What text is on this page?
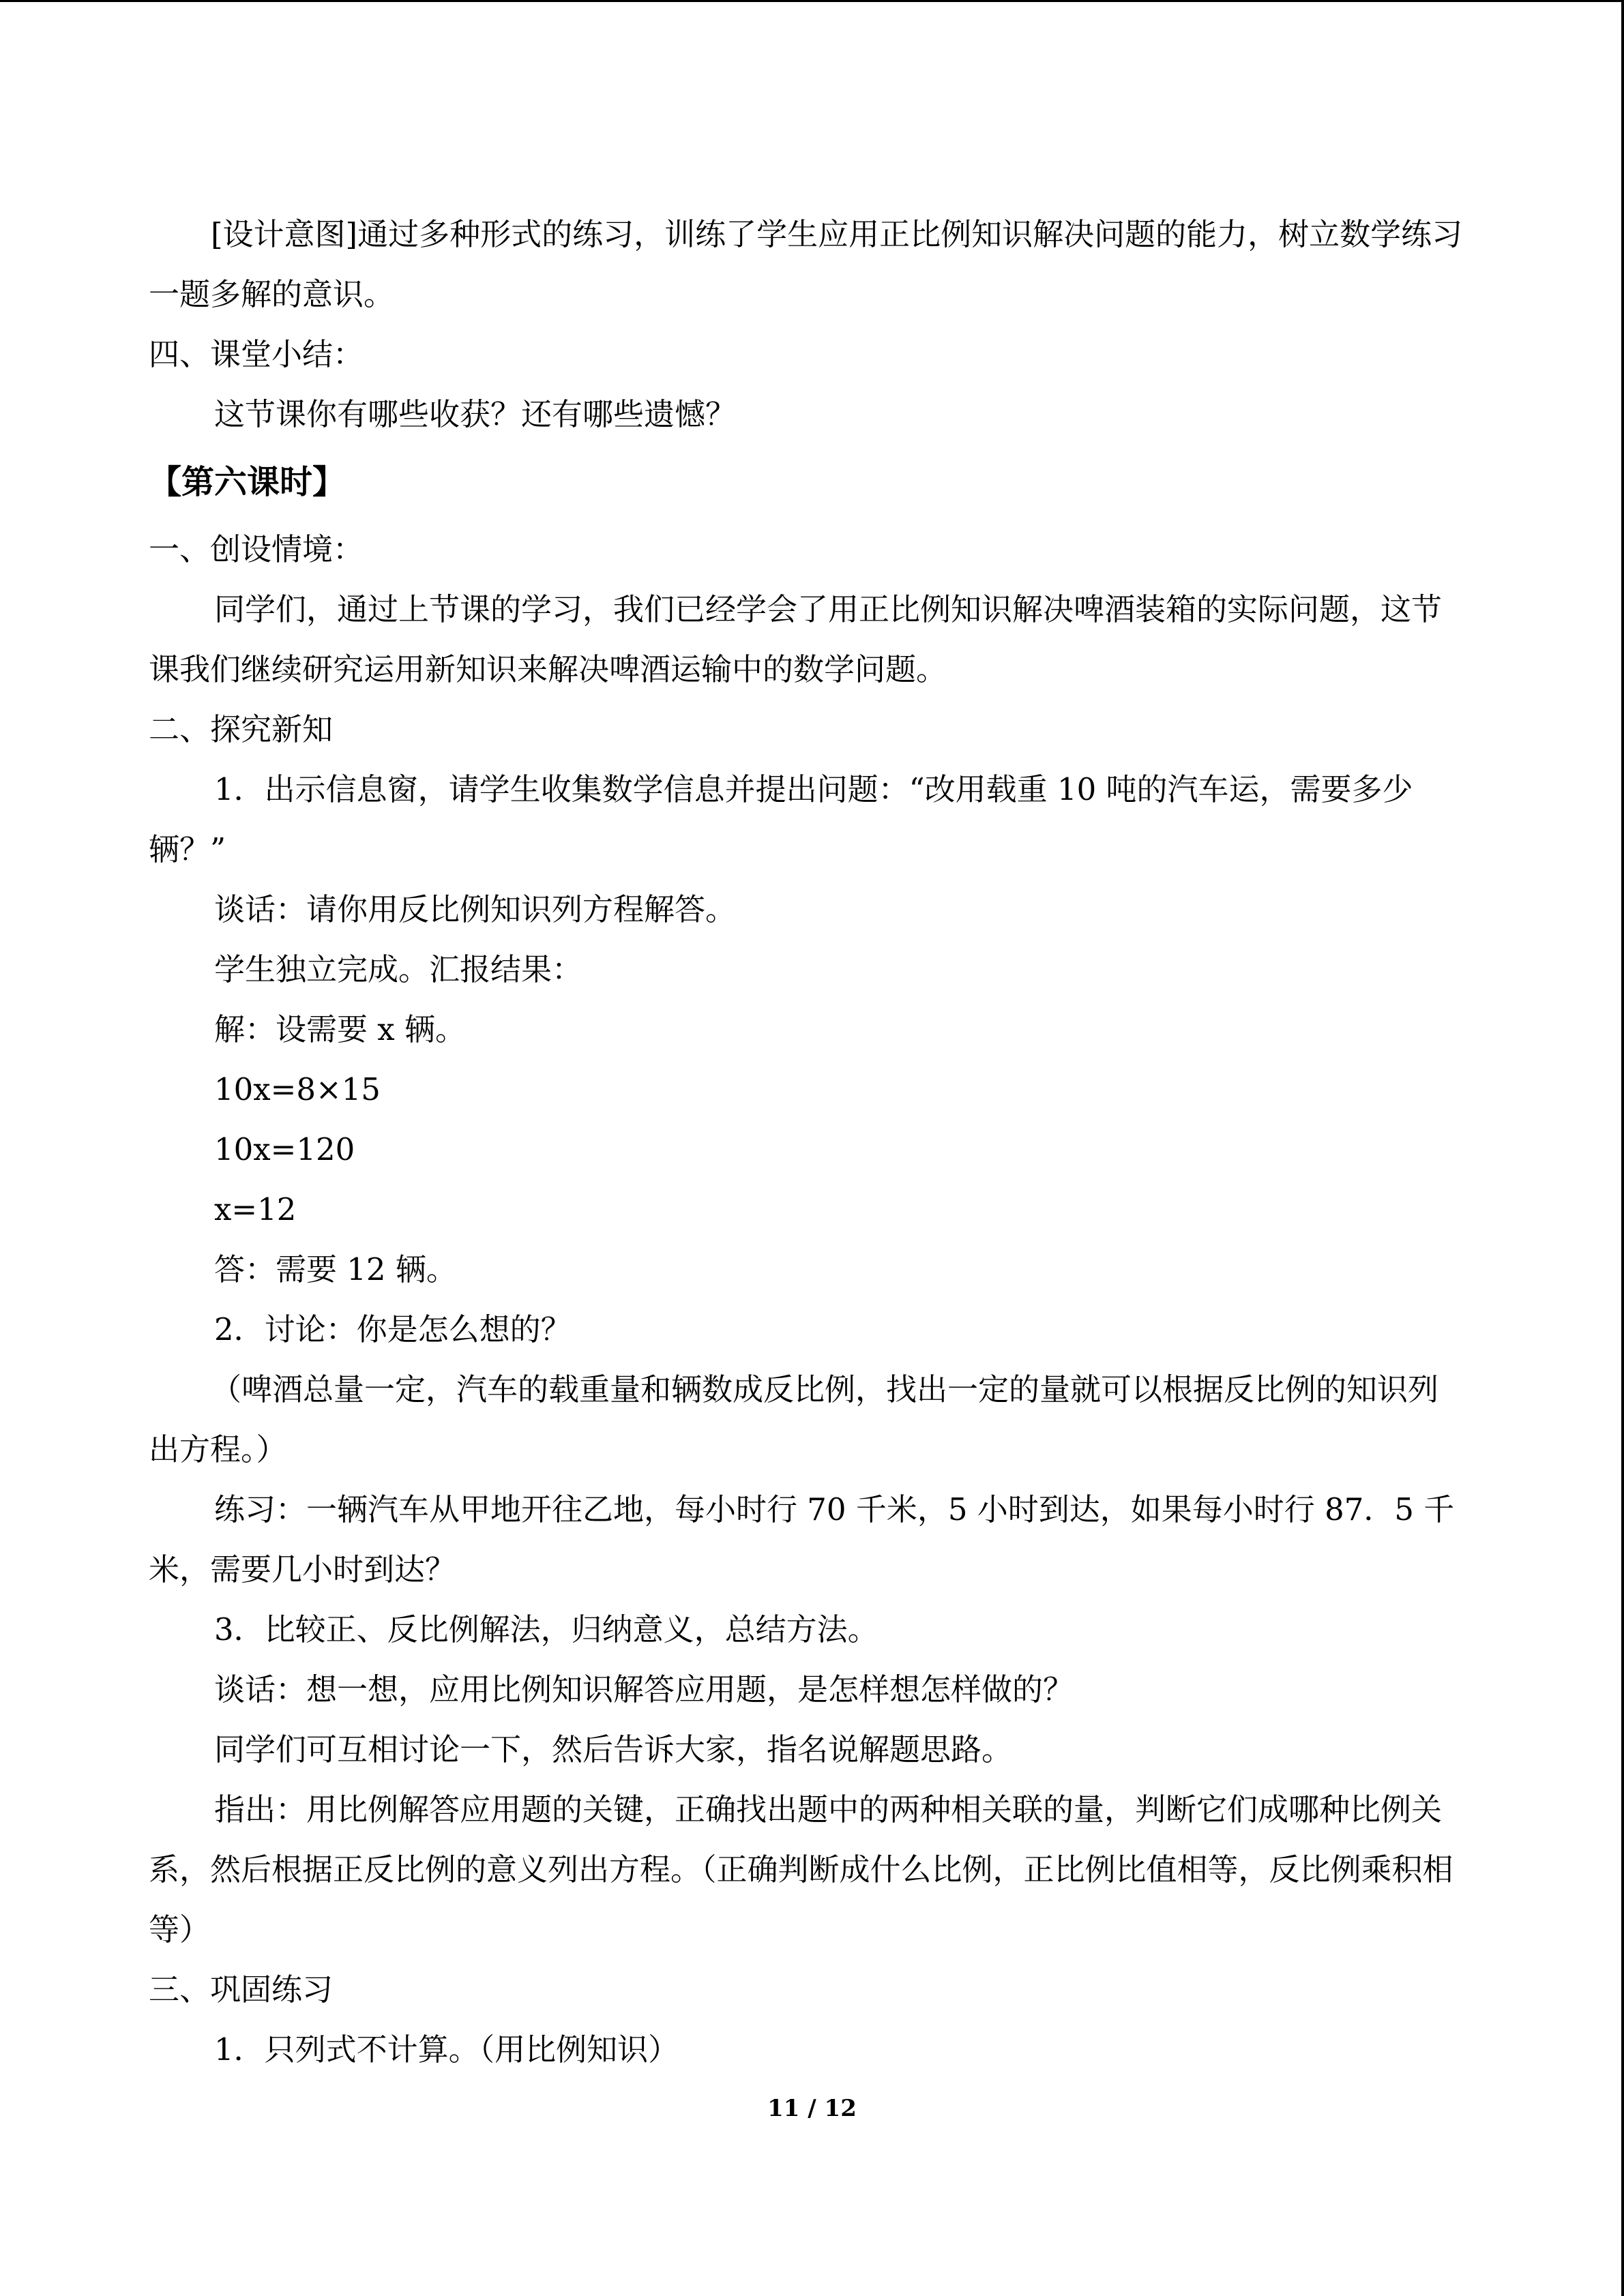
[设计意图]通过多种形式的练习，训练了学生应用正比例知识解决问题的能力，树立数学练习一题多解的意识。

四、课堂小结：

这节课你有哪些收获？还有哪些遗憾？

【第六课时】

一、创设情境：

同学们，通过上节课的学习，我们已经学会了用正比例知识解决啤酒装箱的实际问题，这节课我们继续研究运用新知识来解决啤酒运输中的数学问题。

二、探究新知

1．出示信息窗，请学生收集数学信息并提出问题：“改用载重 10 吨的汽车运，需要多少辆？”

谈话：请你用反比例知识列方程解答。

学生独立完成。汇报结果：

解：设需要 x 辆。

10x=8×15

10x=120

x=12

答：需要 12 辆。

2．讨论：你是怎么想的？

（啤酒总量一定，汽车的载重量和辆数成反比例，找出一定的量就可以根据反比例的知识列出方程。）

练习：一辆汽车从甲地开往乙地，每小时行 70 千米，5 小时到达，如果每小时行 87．5 千米，需要几小时到达？

3．比较正、反比例解法，归纳意义，总结方法。

谈话：想一想，应用比例知识解答应用题，是怎样想怎样做的？

同学们可互相讨论一下，然后告诉大家，指名说解题思路。

指出：用比例解答应用题的关键，正确找出题中的两种相关联的量，判断它们成哪种比例关系，然后根据正反比例的意义列出方程。（正确判断成什么比例，正比例比值相等，反比例乘积相等）

三、巩固练习

1．只列式不计算。（用比例知识）

11 / 12
